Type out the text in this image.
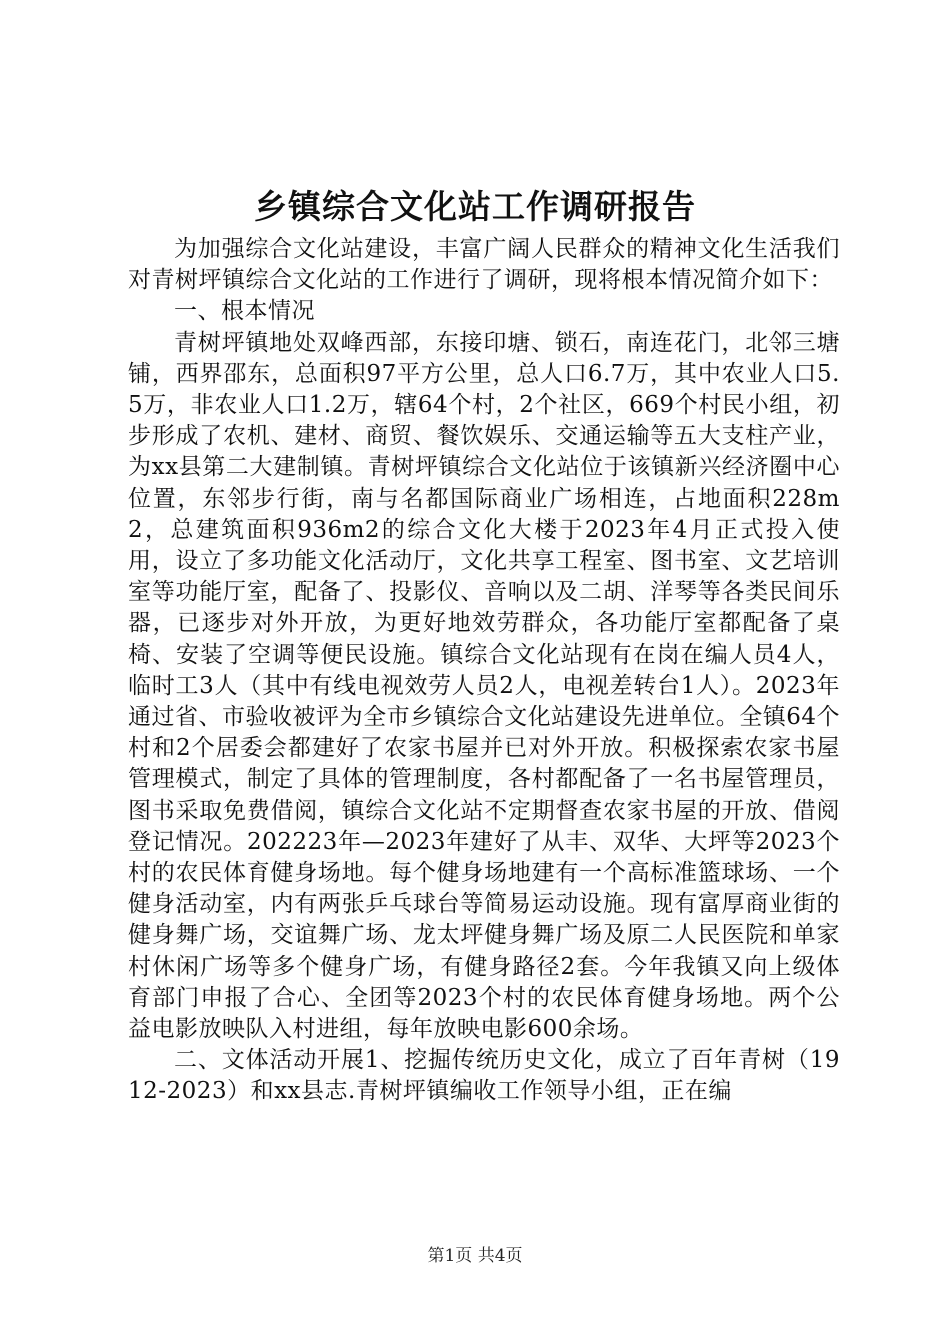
乡镇综合文化站工作调研报告

为加强综合文化站建设，丰富广阔人民群众的精神文化生活我们对青树坪镇综合文化站的工作进行了调研，现将根本情况简介如下：

一、根本情况

青树坪镇地处双峰西部，东接印塘、锁石，南连花门，北邻三塘铺，西界邵东，总面积97平方公里，总人口6.7万，其中农业人口5.5万，非农业人口1.2万，辖64个村，2个社区，669个村民小组，初步形成了农机、建材、商贸、餐饮娱乐、交通运输等五大支柱产业，为xx县第二大建制镇。青树坪镇综合文化站位于该镇新兴经济圈中心位置，东邻步行街，南与名都国际商业广场相连，占地面积228m2，总建筑面积936m2的综合文化大楼于2023年4月正式投入使用，设立了多功能文化活动厅，文化共享工程室、图书室、文艺培训室等功能厅室，配备了、投影仪、音响以及二胡、洋琴等各类民间乐器，已逐步对外开放，为更好地效劳群众，各功能厅室都配备了桌椅、安装了空调等便民设施。镇综合文化站现有在岗在编人员4人，临时工3人（其中有线电视效劳人员2人，电视差转台1人）。2023年通过省、市验收被评为全市乡镇综合文化站建设先进单位。全镇64个村和2个居委会都建好了农家书屋并已对外开放。积极探索农家书屋管理模式，制定了具体的管理制度，各村都配备了一名书屋管理员，图书采取免费借阅，镇综合文化站不定期督查农家书屋的开放、借阅登记情况。202223年—2023年建好了从丰、双华、大坪等2023个村的农民体育健身场地。每个健身场地建有一个高标准篮球场、一个健身活动室，内有两张乒乓球台等简易运动设施。现有富厚商业街的健身舞广场，交谊舞广场、龙太坪健身舞广场及原二人民医院和单家村休闲广场等多个健身广场，有健身路径2套。今年我镇又向上级体育部门申报了合心、全团等2023个村的农民体育健身场地。两个公益电影放映队入村进组，每年放映电影600余场。

二、文体活动开展1、挖掘传统历史文化，成立了百年青树（1912-2023）和xx县志.青树坪镇编收工作领导小组，正在编

第1页 共4页
